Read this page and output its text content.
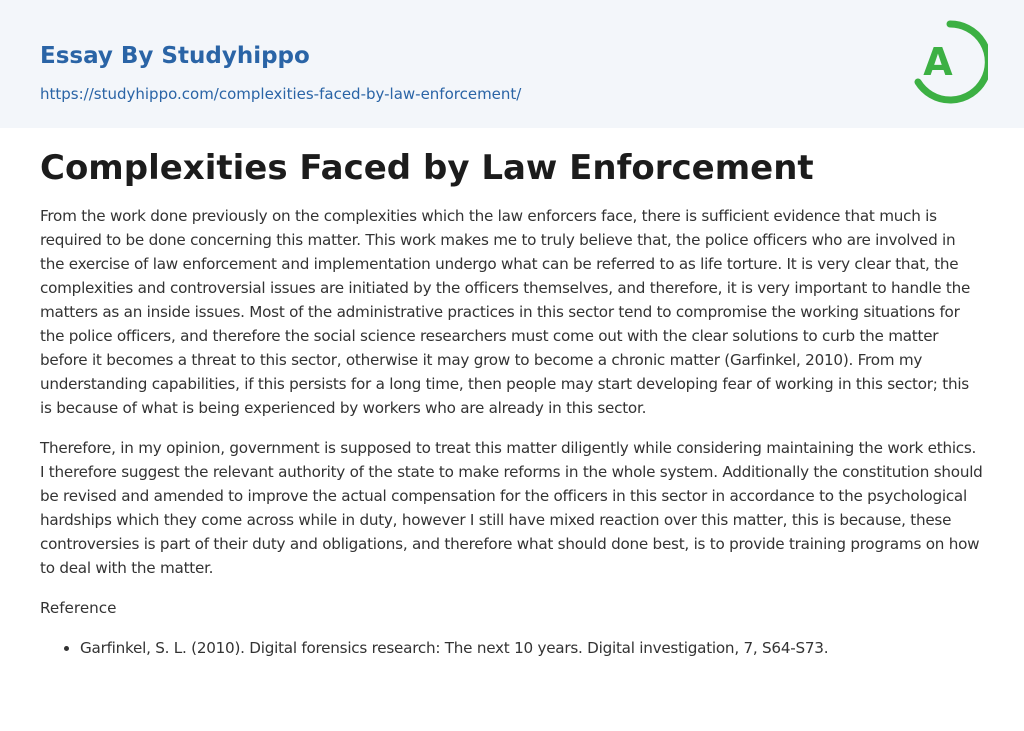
Essay By Studyhippo
https://studyhippo.com/complexities-faced-by-law-enforcement/
A
Complexities Faced by Law Enforcement

From the work done previously on the complexities which the law enforcers face, there is sufficient evidence that much is required to be done concerning this matter. This work makes me to truly believe that, the police officers who are involved in the exercise of law enforcement and implementation undergo what can be referred to as life torture. It is very clear that, the complexities and controversial issues are initiated by the officers themselves, and therefore, it is very important to handle the matters as an inside issues. Most of the administrative practices in this sector tend to compromise the working situations for the police officers, and therefore the social science researchers must come out with the clear solutions to curb the matter before it becomes a threat to this sector, otherwise it may grow to become a chronic matter (Garfinkel, 2010). From my understanding capabilities, if this persists for a long time, then people may start developing fear of working in this sector; this is because of what is being experienced by workers who are already in this sector.

Therefore, in my opinion, government is supposed to treat this matter diligently while considering maintaining the work ethics. I therefore suggest the relevant authority of the state to make reforms in the whole system. Additionally the constitution should be revised and amended to improve the actual compensation for the officers in this sector in accordance to the psychological hardships which they come across while in duty, however I still have mixed reaction over this matter, this is because, these controversies is part of their duty and obligations, and therefore what should done best, is to provide training programs on how to deal with the matter.

Reference

• Garfinkel, S. L. (2010). Digital forensics research: The next 10 years. Digital investigation, 7, S64-S73.
